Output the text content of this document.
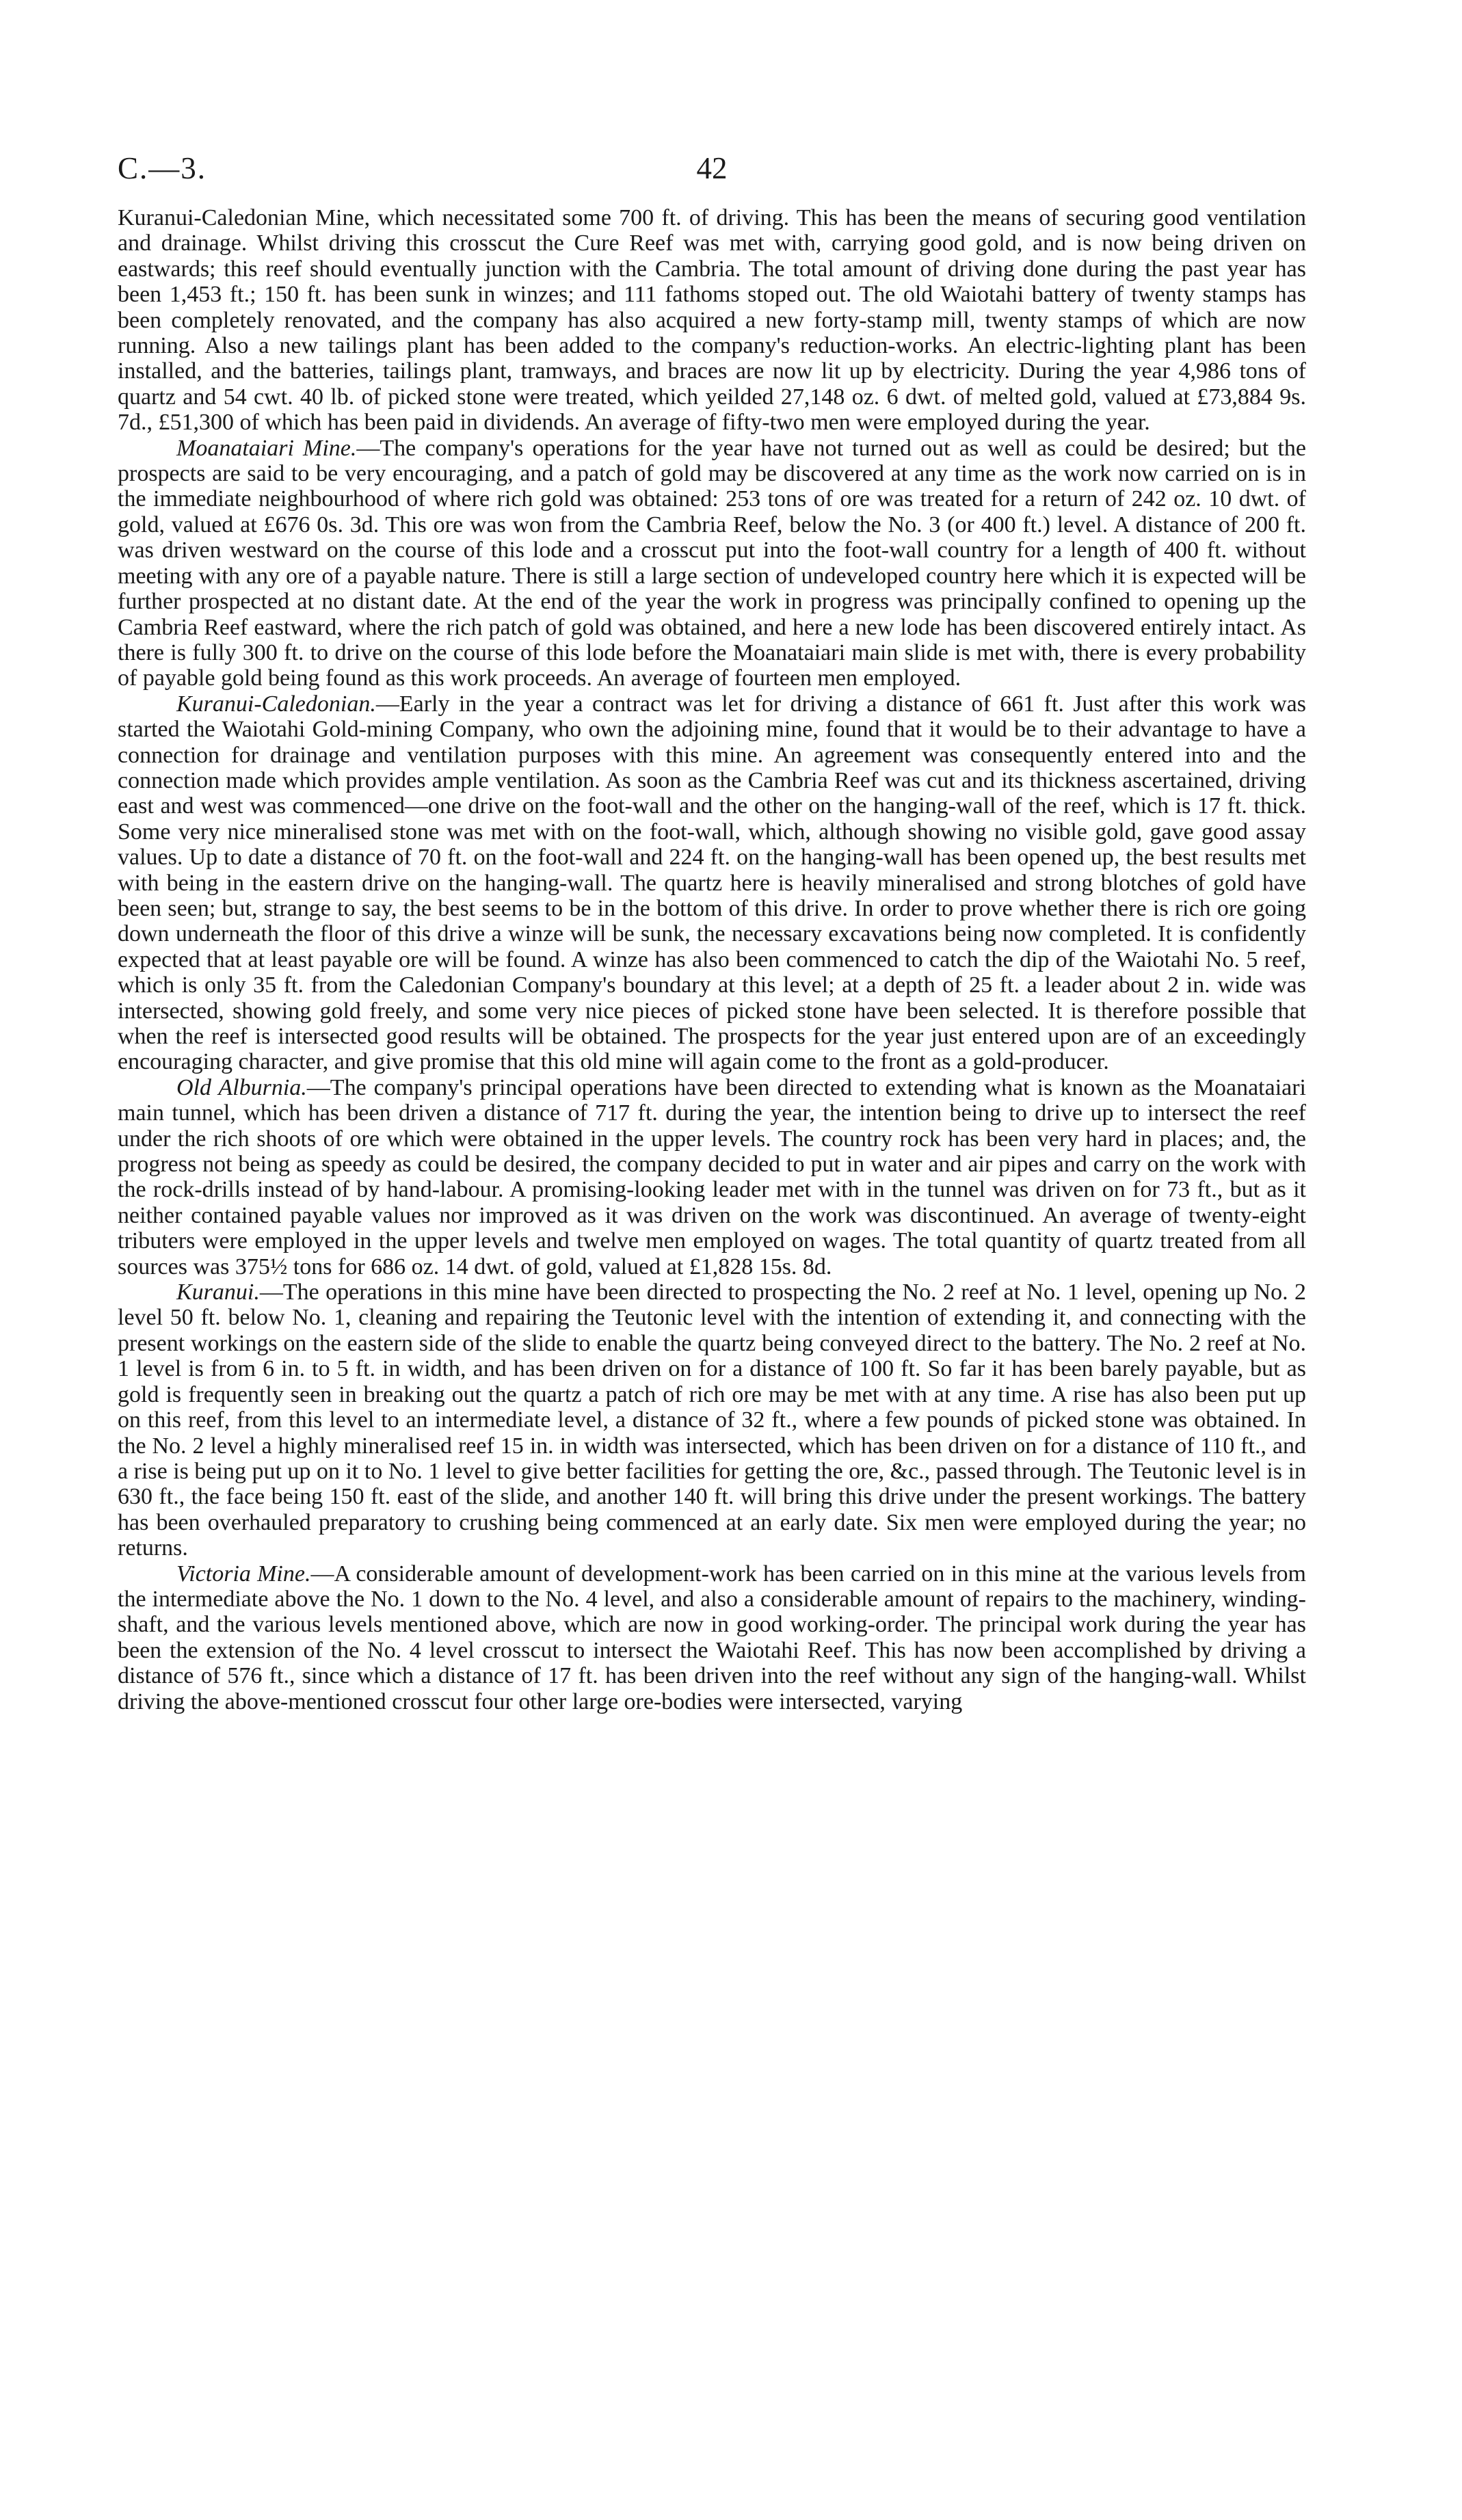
C.—3.	42

Kuranui-Caledonian Mine, which necessitated some 700 ft. of driving. This has been the means of securing good ventilation and drainage. Whilst driving this crosscut the Cure Reef was met with, carrying good gold, and is now being driven on eastwards; this reef should eventually junction with the Cambria. The total amount of driving done during the past year has been 1,453 ft.; 150 ft. has been sunk in winzes; and 111 fathoms stoped out. The old Waiotahi battery of twenty stamps has been completely renovated, and the company has also acquired a new forty-stamp mill, twenty stamps of which are now running. Also a new tailings plant has been added to the company's reduction-works. An electric-lighting plant has been installed, and the batteries, tailings plant, tramways, and braces are now lit up by electricity. During the year 4,986 tons of quartz and 54 cwt. 40 lb. of picked stone were treated, which yeilded 27,148 oz. 6 dwt. of melted gold, valued at £73,884 9s. 7d., £51,300 of which has been paid in dividends. An average of fifty-two men were employed during the year.

Moanataiari Mine.—The company's operations for the year have not turned out as well as could be desired; but the prospects are said to be very encouraging, and a patch of gold may be discovered at any time as the work now carried on is in the immediate neighbourhood of where rich gold was obtained: 253 tons of ore was treated for a return of 242 oz. 10 dwt. of gold, valued at £676 0s. 3d. This ore was won from the Cambria Reef, below the No. 3 (or 400 ft.) level. A distance of 200 ft. was driven westward on the course of this lode and a crosscut put into the foot-wall country for a length of 400 ft. without meeting with any ore of a payable nature. There is still a large section of undeveloped country here which it is expected will be further prospected at no distant date. At the end of the year the work in progress was principally confined to opening up the Cambria Reef eastward, where the rich patch of gold was obtained, and here a new lode has been discovered entirely intact. As there is fully 300 ft. to drive on the course of this lode before the Moanataiari main slide is met with, there is every probability of payable gold being found as this work proceeds. An average of fourteen men employed.

Kuranui-Caledonian.—Early in the year a contract was let for driving a distance of 661 ft. Just after this work was started the Waiotahi Gold-mining Company, who own the adjoining mine, found that it would be to their advantage to have a connection for drainage and ventilation purposes with this mine. An agreement was consequently entered into and the connection made which provides ample ventilation. As soon as the Cambria Reef was cut and its thickness ascertained, driving east and west was commenced—one drive on the foot-wall and the other on the hanging-wall of the reef, which is 17 ft. thick. Some very nice mineralised stone was met with on the foot-wall, which, although showing no visible gold, gave good assay values. Up to date a distance of 70 ft. on the foot-wall and 224 ft. on the hanging-wall has been opened up, the best results met with being in the eastern drive on the hanging-wall. The quartz here is heavily mineralised and strong blotches of gold have been seen; but, strange to say, the best seems to be in the bottom of this drive. In order to prove whether there is rich ore going down underneath the floor of this drive a winze will be sunk, the necessary excavations being now completed. It is confidently expected that at least payable ore will be found. A winze has also been commenced to catch the dip of the Waiotahi No. 5 reef, which is only 35 ft. from the Caledonian Company's boundary at this level; at a depth of 25 ft. a leader about 2 in. wide was intersected, showing gold freely, and some very nice pieces of picked stone have been selected. It is therefore possible that when the reef is intersected good results will be obtained. The prospects for the year just entered upon are of an exceedingly encouraging character, and give promise that this old mine will again come to the front as a gold-producer.

Old Alburnia.—The company's principal operations have been directed to extending what is known as the Moanataiari main tunnel, which has been driven a distance of 717 ft. during the year, the intention being to drive up to intersect the reef under the rich shoots of ore which were obtained in the upper levels. The country rock has been very hard in places; and, the progress not being as speedy as could be desired, the company decided to put in water and air pipes and carry on the work with the rock-drills instead of by hand-labour. A promising-looking leader met with in the tunnel was driven on for 73 ft., but as it neither contained payable values nor improved as it was driven on the work was discontinued. An average of twenty-eight tributers were employed in the upper levels and twelve men employed on wages. The total quantity of quartz treated from all sources was 375½ tons for 686 oz. 14 dwt. of gold, valued at £1,828 15s. 8d.

Kuranui.—The operations in this mine have been directed to prospecting the No. 2 reef at No. 1 level, opening up No. 2 level 50 ft. below No. 1, cleaning and repairing the Teutonic level with the intention of extending it, and connecting with the present workings on the eastern side of the slide to enable the quartz being conveyed direct to the battery. The No. 2 reef at No. 1 level is from 6 in. to 5 ft. in width, and has been driven on for a distance of 100 ft. So far it has been barely payable, but as gold is frequently seen in breaking out the quartz a patch of rich ore may be met with at any time. A rise has also been put up on this reef, from this level to an intermediate level, a distance of 32 ft., where a few pounds of picked stone was obtained. In the No. 2 level a highly mineralised reef 15 in. in width was intersected, which has been driven on for a distance of 110 ft., and a rise is being put up on it to No. 1 level to give better facilities for getting the ore, &c., passed through. The Teutonic level is in 630 ft., the face being 150 ft. east of the slide, and another 140 ft. will bring this drive under the present workings. The battery has been overhauled preparatory to crushing being commenced at an early date. Six men were employed during the year; no returns.

Victoria Mine.—A considerable amount of development-work has been carried on in this mine at the various levels from the intermediate above the No. 1 down to the No. 4 level, and also a considerable amount of repairs to the machinery, winding-shaft, and the various levels mentioned above, which are now in good working-order. The principal work during the year has been the extension of the No. 4 level crosscut to intersect the Waiotahi Reef. This has now been accomplished by driving a distance of 576 ft., since which a distance of 17 ft. has been driven into the reef without any sign of the hanging-wall. Whilst driving the above-mentioned crosscut four other large ore-bodies were intersected, varying
